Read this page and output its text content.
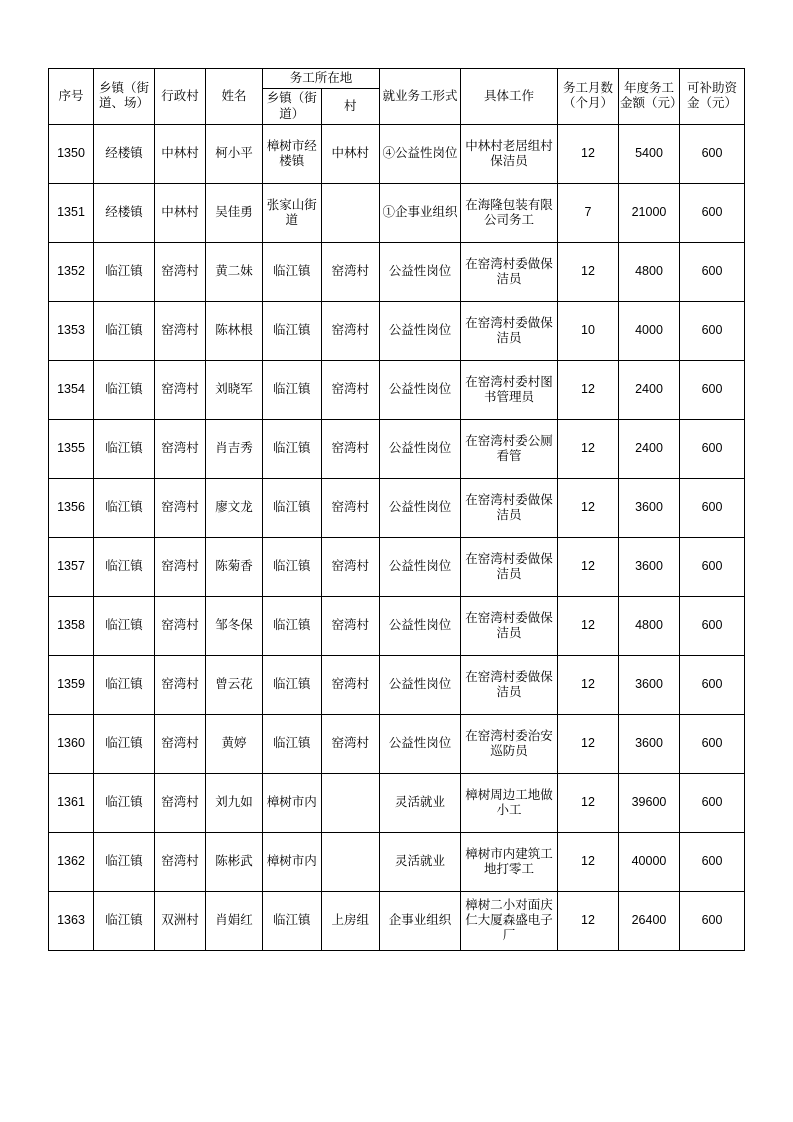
序号	乡镇（街道、场）	行政村	姓名	务工所在地		就业务工形式	具体工作	务工月数（个月）	年度务工金额（元）	可补助资金（元）
				乡镇（街道）	村					
1350	经楼镇	中林村	柯小平	樟树市经楼镇	中林村	④公益性岗位	中林村老居组村保洁员	12	5400	600
1351	经楼镇	中林村	吴佳勇	张家山街道		①企事业组织	在海隆包装有限公司务工	7	21000	600
1352	临江镇	窑湾村	黄二妹	临江镇	窑湾村	公益性岗位	在窑湾村委做保洁员	12	4800	600
1353	临江镇	窑湾村	陈林根	临江镇	窑湾村	公益性岗位	在窑湾村委做保洁员	10	4000	600
1354	临江镇	窑湾村	刘晓军	临江镇	窑湾村	公益性岗位	在窑湾村委村图书管理员	12	2400	600
1355	临江镇	窑湾村	肖吉秀	临江镇	窑湾村	公益性岗位	在窑湾村委公厕看管	12	2400	600
1356	临江镇	窑湾村	廖文龙	临江镇	窑湾村	公益性岗位	在窑湾村委做保洁员	12	3600	600
1357	临江镇	窑湾村	陈菊香	临江镇	窑湾村	公益性岗位	在窑湾村委做保洁员	12	3600	600
1358	临江镇	窑湾村	邹冬保	临江镇	窑湾村	公益性岗位	在窑湾村委做保洁员	12	4800	600
1359	临江镇	窑湾村	曾云花	临江镇	窑湾村	公益性岗位	在窑湾村委做保洁员	12	3600	600
1360	临江镇	窑湾村	黄婷	临江镇	窑湾村	公益性岗位	在窑湾村委治安巡防员	12	3600	600
1361	临江镇	窑湾村	刘九如	樟树市内		灵活就业	樟树周边工地做小工	12	39600	600
1362	临江镇	窑湾村	陈彬武	樟树市内		灵活就业	樟树市内建筑工地打零工	12	40000	600
1363	临江镇	双洲村	肖娟红	临江镇	上房组	企事业组织	樟树二小对面庆仁大厦森盛电子厂	12	26400	600
